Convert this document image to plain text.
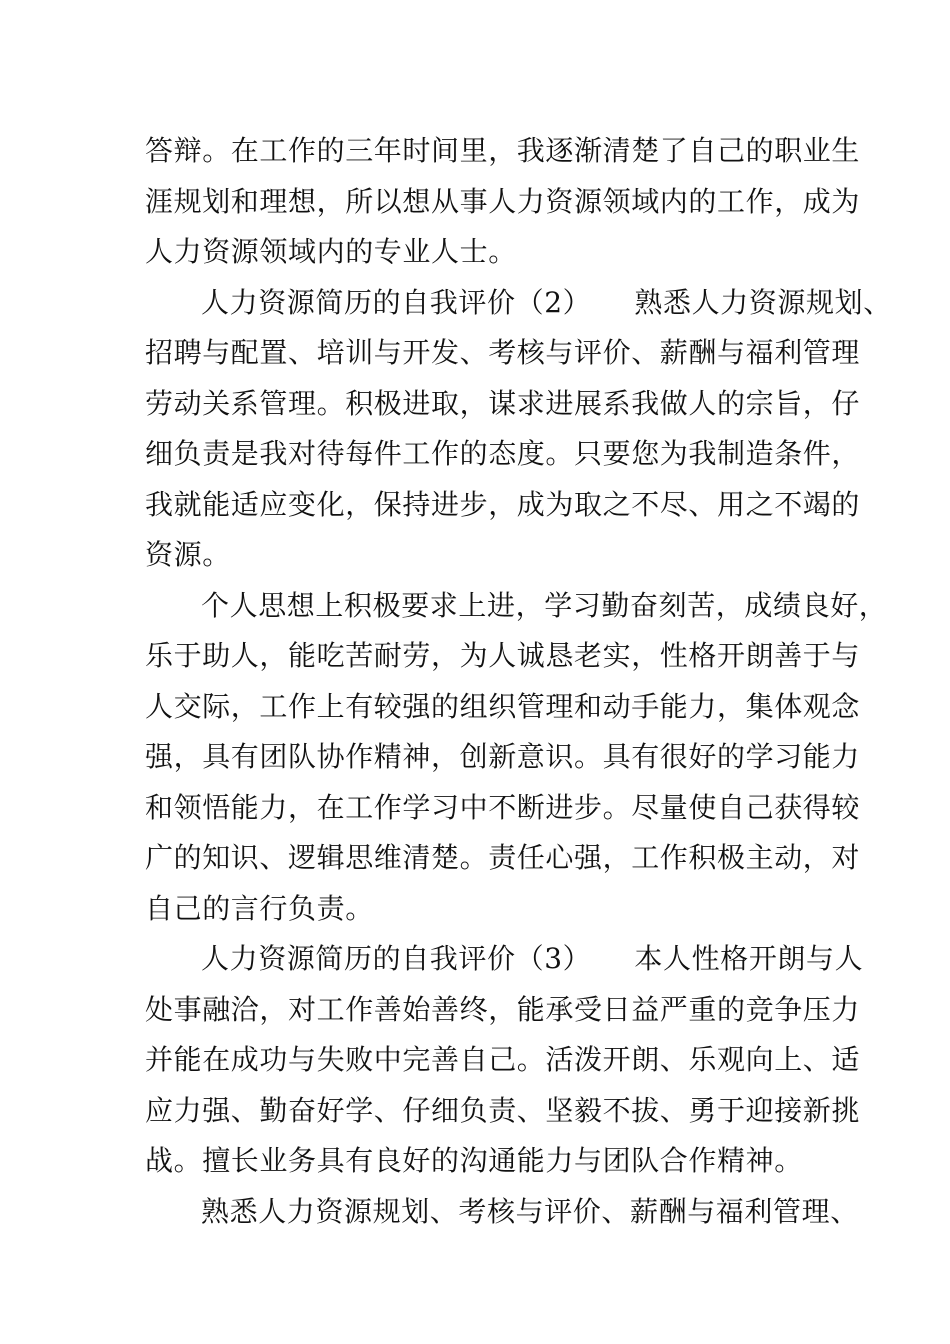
答辩。在工作的三年时间里，我逐渐清楚了自己的职业生
涯规划和理想，所以想从事人力资源领域内的工作，成为
人力资源领域内的专业人士。
人力资源简历的自我评价（2）　　熟悉人力资源规划、
招聘与配置、培训与开发、考核与评价、薪酬与福利管理
劳动关系管理。积极进取，谋求进展系我做人的宗旨，仔
细负责是我对待每件工作的态度。只要您为我制造条件，
我就能适应变化，保持进步，成为取之不尽、用之不竭的
资源。
个人思想上积极要求上进，学习勤奋刻苦，成绩良好，
乐于助人，能吃苦耐劳，为人诚恳老实，性格开朗善于与
人交际，工作上有较强的组织管理和动手能力，集体观念
强，具有团队协作精神，创新意识。具有很好的学习能力
和领悟能力，在工作学习中不断进步。尽量使自己获得较
广的知识、逻辑思维清楚。责任心强，工作积极主动，对
自己的言行负责。
人力资源简历的自我评价（3）　　本人性格开朗与人
处事融洽，对工作善始善终，能承受日益严重的竞争压力
并能在成功与失败中完善自己。活泼开朗、乐观向上、适
应力强、勤奋好学、仔细负责、坚毅不拔、勇于迎接新挑
战。擅长业务具有良好的沟通能力与团队合作精神。
熟悉人力资源规划、考核与评价、薪酬与福利管理、
